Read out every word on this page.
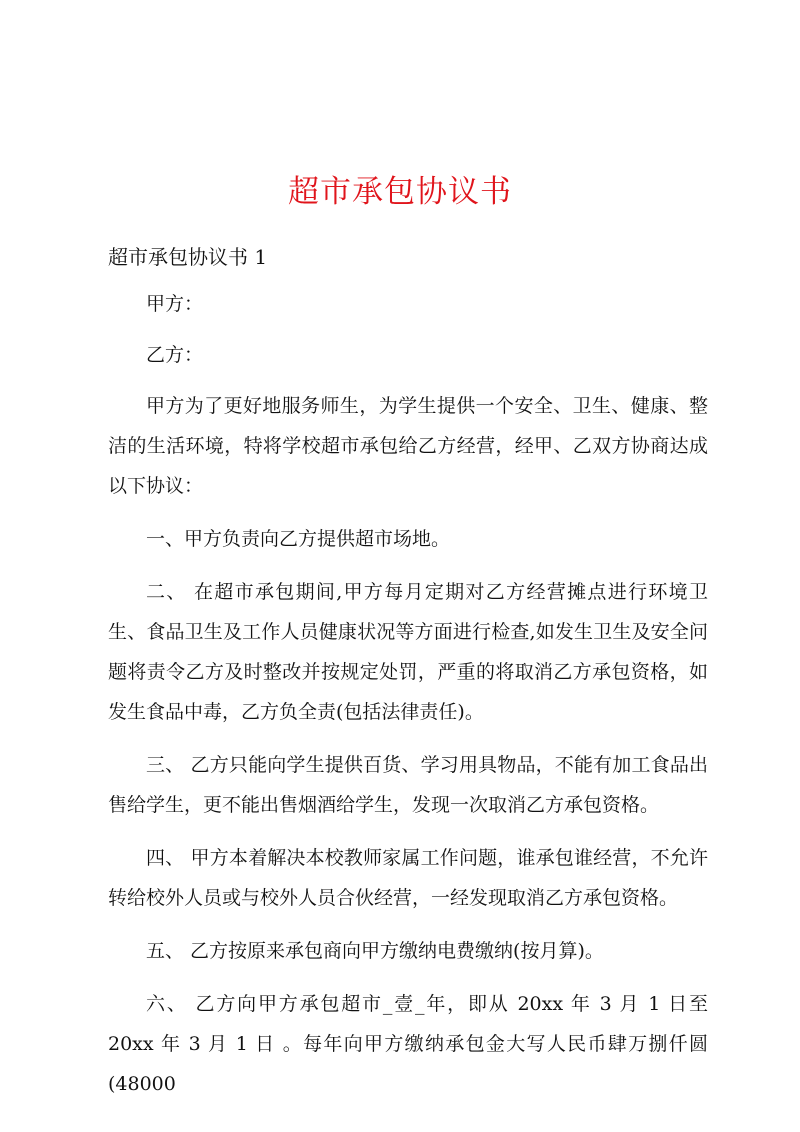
超市承包协议书
超市承包协议书 1

甲方：

乙方：

甲方为了更好地服务师生，为学生提供一个安全、卫生、健康、整洁的生活环境，特将学校超市承包给乙方经营，经甲、乙双方协商达成以下协议：

一、甲方负责向乙方提供超市场地。

二、 在超市承包期间,甲方每月定期对乙方经营摊点进行环境卫生、食品卫生及工作人员健康状况等方面进行检查,如发生卫生及安全问题将责令乙方及时整改并按规定处罚，严重的将取消乙方承包资格，如发生食品中毒，乙方负全责(包括法律责任)。

三、 乙方只能向学生提供百货、学习用具物品，不能有加工食品出售给学生，更不能出售烟酒给学生，发现一次取消乙方承包资格。

四、 甲方本着解决本校教师家属工作问题，谁承包谁经营，不允许转给校外人员或与校外人员合伙经营，一经发现取消乙方承包资格。

五、 乙方按原来承包商向甲方缴纳电费缴纳(按月算)。

六、 乙方向甲方承包超市_壹_年，即从 20xx 年 3 月 1 日至 20xx 年 3 月 1 日 。每年向甲方缴纳承包金大写人民币肆万捌仟圆(48000
